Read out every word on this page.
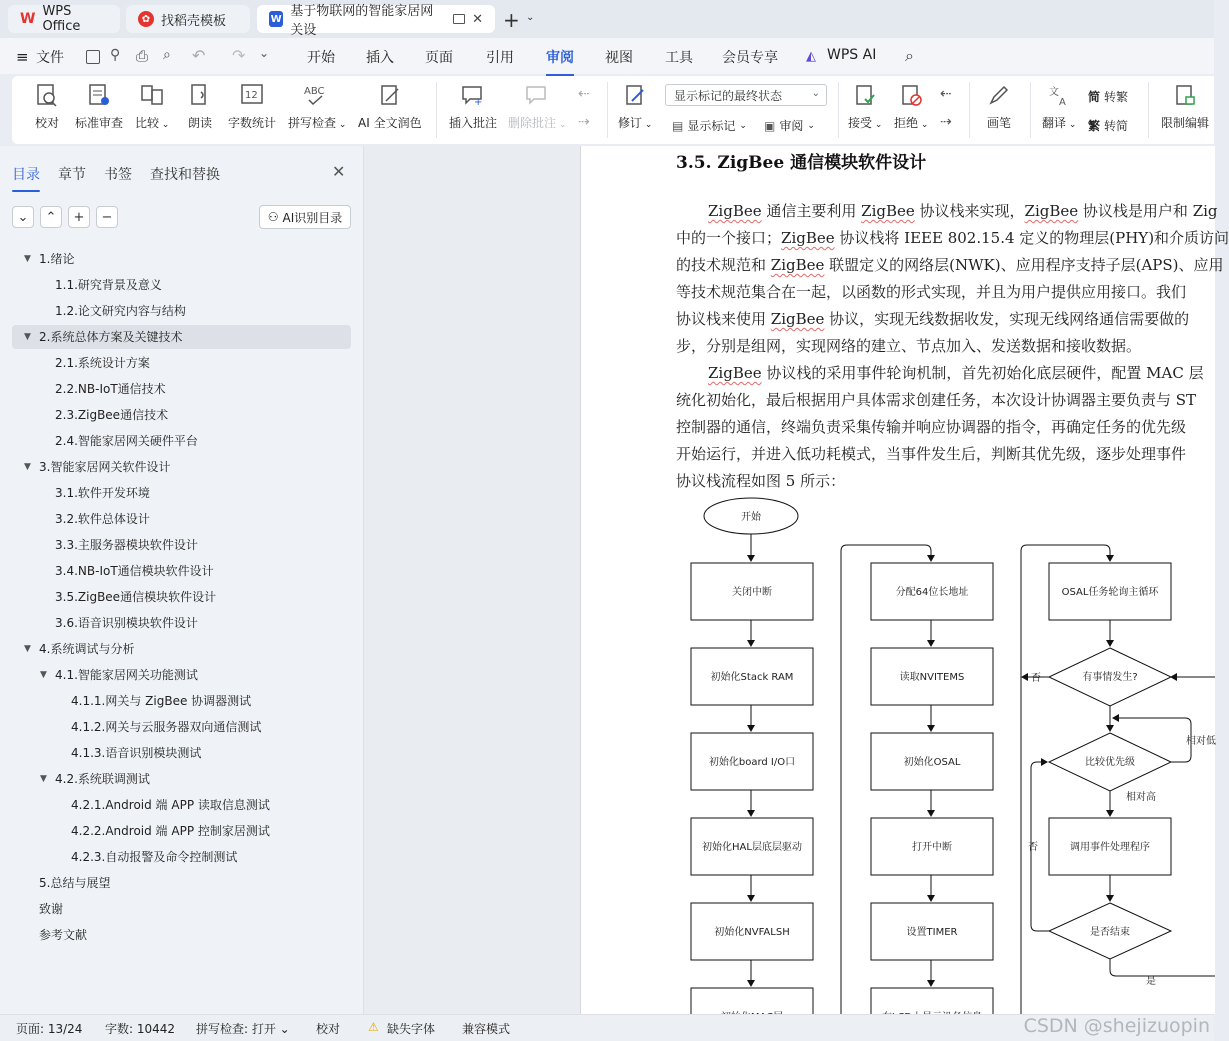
W WPS Office	✿ 找稻壳模板	W 基于物联网的智能家居网关设
✕ + ⌄
≡ 文件	⚲ ⎙ ⌕ ↶ ↷ ⌄	开始 插入 页面 引用 审阅 视图 工具 会员专享 ◭ WPS AI ⌕
校对 标准审查 比较 ⌄ 朗读
12
字数统计
ABC
拼写检查 ⌄ AI 全文润色
+
插入批注 删除批注 ⌄
⇠
⇢ 修订 ⌄
显示标记的最终状态	⌄
▤ 显示标记 ⌄ ▣ 审阅 ⌄	接受 ⌄ 拒绝 ⌄
⇠
⇢	画笔
文
A
翻译 ⌄
简 转繁
繁 转简	限制编辑
目录 章节 书签 查找和替换	✕
⌄ ⌃ + −	⚇ AI识别目录
▼ 1.绪论
1.1.研究背景及意义
1.2.论文研究内容与结构
▼ 2.系统总体方案及关键技术
2.1.系统设计方案
2.2.NB-IoT通信技术
2.3.ZigBee通信技术
2.4.智能家居网关硬件平台
▼ 3.智能家居网关软件设计
3.1.软件开发环境
3.2.软件总体设计
3.3.主服务器模块软件设计
3.4.NB-IoT通信模块软件设计
3.5.ZigBee通信模块软件设计
3.6.语音识别模块软件设计
▼ 4.系统调试与分析
▼ 4.1.智能家居网关功能测试
4.1.1.网关与 ZigBee 协调器测试
4.1.2.网关与云服务器双向通信测试
4.1.3.语音识别模块测试
▼ 4.2.系统联调测试
4.2.1.Android 端 APP 读取信息测试
4.2.2.Android 端 APP 控制家居测试
4.2.3.自动报警及命令控制测试
5.总结与展望
致谢
参考文献
3.5. ZigBee 通信模块软件设计
ZigBee 通信主要利用 ZigBee 协议栈来实现，ZigBee 协议栈是用户和 Zig
中的一个接口；ZigBee 协议栈将 IEEE 802.15.4 定义的物理层(PHY)和介质访问
的技术规范和 ZigBee 联盟定义的网络层(NWK)、应用程序支持子层(APS)、应用
等技术规范集合在一起，以函数的形式实现，并且为用户提供应用接口。我们
协议栈来使用 ZigBee 协议，实现无线数据收发，实现无线网络通信需要做的
步，分别是组网，实现网络的建立、节点加入、发送数据和接收数据。
ZigBee 协议栈的采用事件轮询机制，首先初始化底层硬件，配置 MAC 层
统化初始化，最后根据用户具体需求创建任务，本次设计协调器主要负责与 ST
控制器的通信，终端负责采集传输并响应协调器的指令，再确定任务的优先级
开始运行，并进入低功耗模式，当事件发生后，判断其优先级，逐步处理事件
协议栈流程如图 5 所示：
开始
关闭中断
初始化Stack RAM
初始化board I/O口
初始化HAL层底层驱动
初始化NVFALSH
分配64位长地址
读取NVITEMS
初始化OSAL
打开中断
设置TIMER
OSAL任务轮询主循环
有事情发生?
比较优先级
调用事件处理程序
是否结束
否
否
相对高
相对低
是
页面: 13/24 字数: 10442 拼写检查: 打开 ⌄ 校对 ⚠ 缺失字体 兼容模式	CSDN @shejizuopin
